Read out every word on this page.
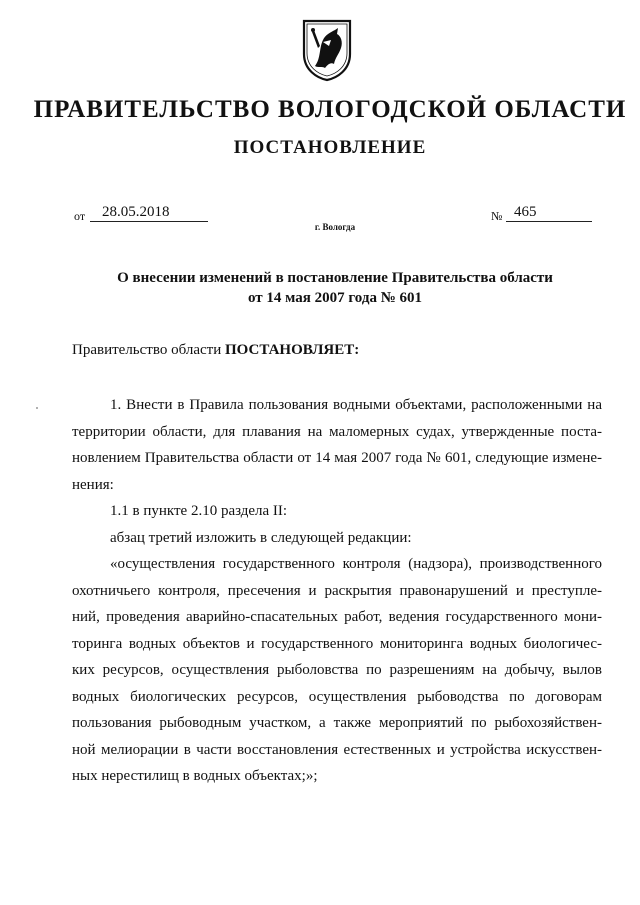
ПРАВИТЕЛЬСТВО ВОЛОГОДСКОЙ ОБЛАСТИ
ПОСТАНОВЛЕНИЕ
от	28.05.2018	№ 465
г. Вологда
О внесении изменений в постановление Правительства области
от 14 мая 2007 года № 601
Правительство области ПОСТАНОВЛЯЕТ:
1. Внести в Правила пользования водными объектами, расположенными на
территории области, для плавания на маломерных судах, утвержденные поста-
новлением Правительства области от 14 мая 2007 года № 601, следующие измене-
нения:
1.1 в пункте 2.10 раздела II:
абзац третий изложить в следующей редакции:
«осуществления государственного контроля (надзора), производственного
охотничьего контроля, пресечения и раскрытия правонарушений и преступле-
ний, проведения аварийно-спасательных работ, ведения государственного мони-
торинга водных объектов и государственного мониторинга водных биологичес-
ких ресурсов, осуществления рыболовства по разрешениям на добычу, вылов
водных биологических ресурсов, осуществления рыбоводства по договорам
пользования рыбоводным участком, а также мероприятий по рыбохозяйствен-
ной мелиорации в части восстановления естественных и устройства искусствен-
ных нерестилищ в водных объектах;»;
